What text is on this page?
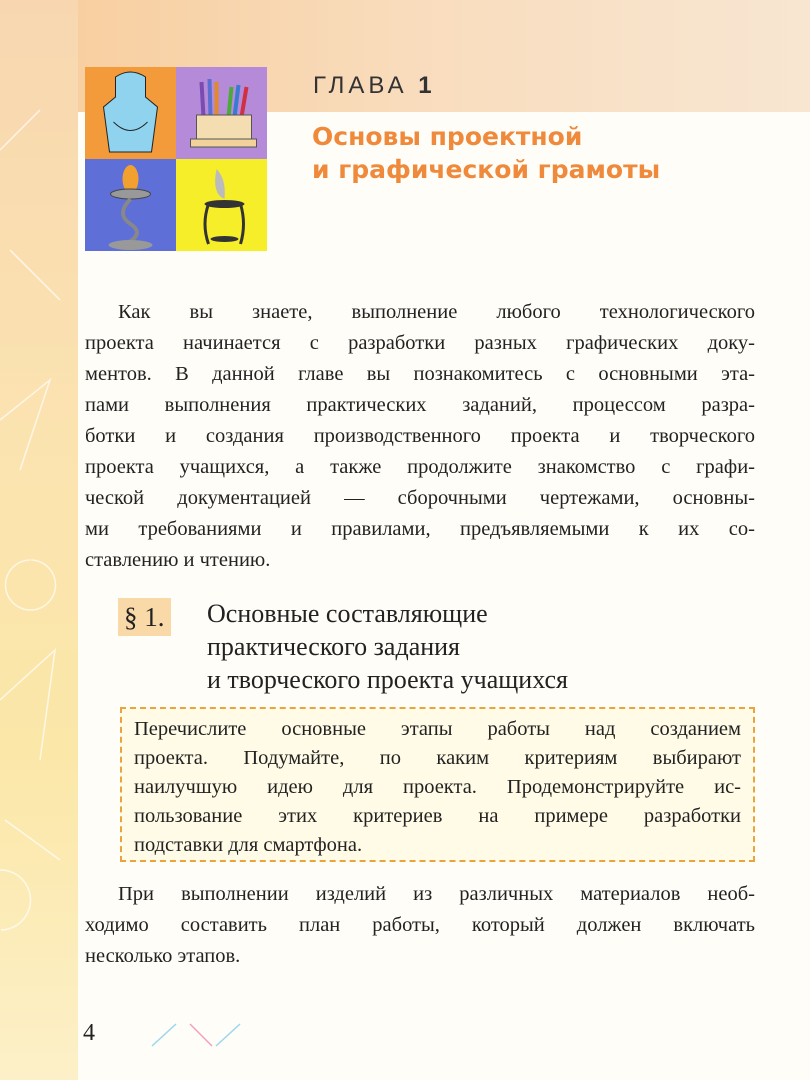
ГЛАВА 1
Основы проектной
и графической грамоты
Как вы знаете, выполнение любого технологического
проекта начинается с разработки разных графических доку-
ментов. В данной главе вы познакомитесь с основными эта-
пами выполнения практических заданий, процессом разра-
ботки и создания производственного проекта и творческого
проекта учащихся, а также продолжите знакомство с графи-
ческой документацией — сборочными чертежами, основны-
ми требованиями и правилами, предъявляемыми к их со-
ставлению и чтению.
§ 1. Основные составляющие
практического задания
и творческого проекта учащихся
Перечислите основные этапы работы над созданием
проекта. Подумайте, по каким критериям выбирают
наилучшую идею для проекта. Продемонстрируйте ис-
пользование этих критериев на примере разработки
подставки для смартфона.
При выполнении изделий из различных материалов необ-
ходимо составить план работы, который должен включать
несколько этапов.
4
